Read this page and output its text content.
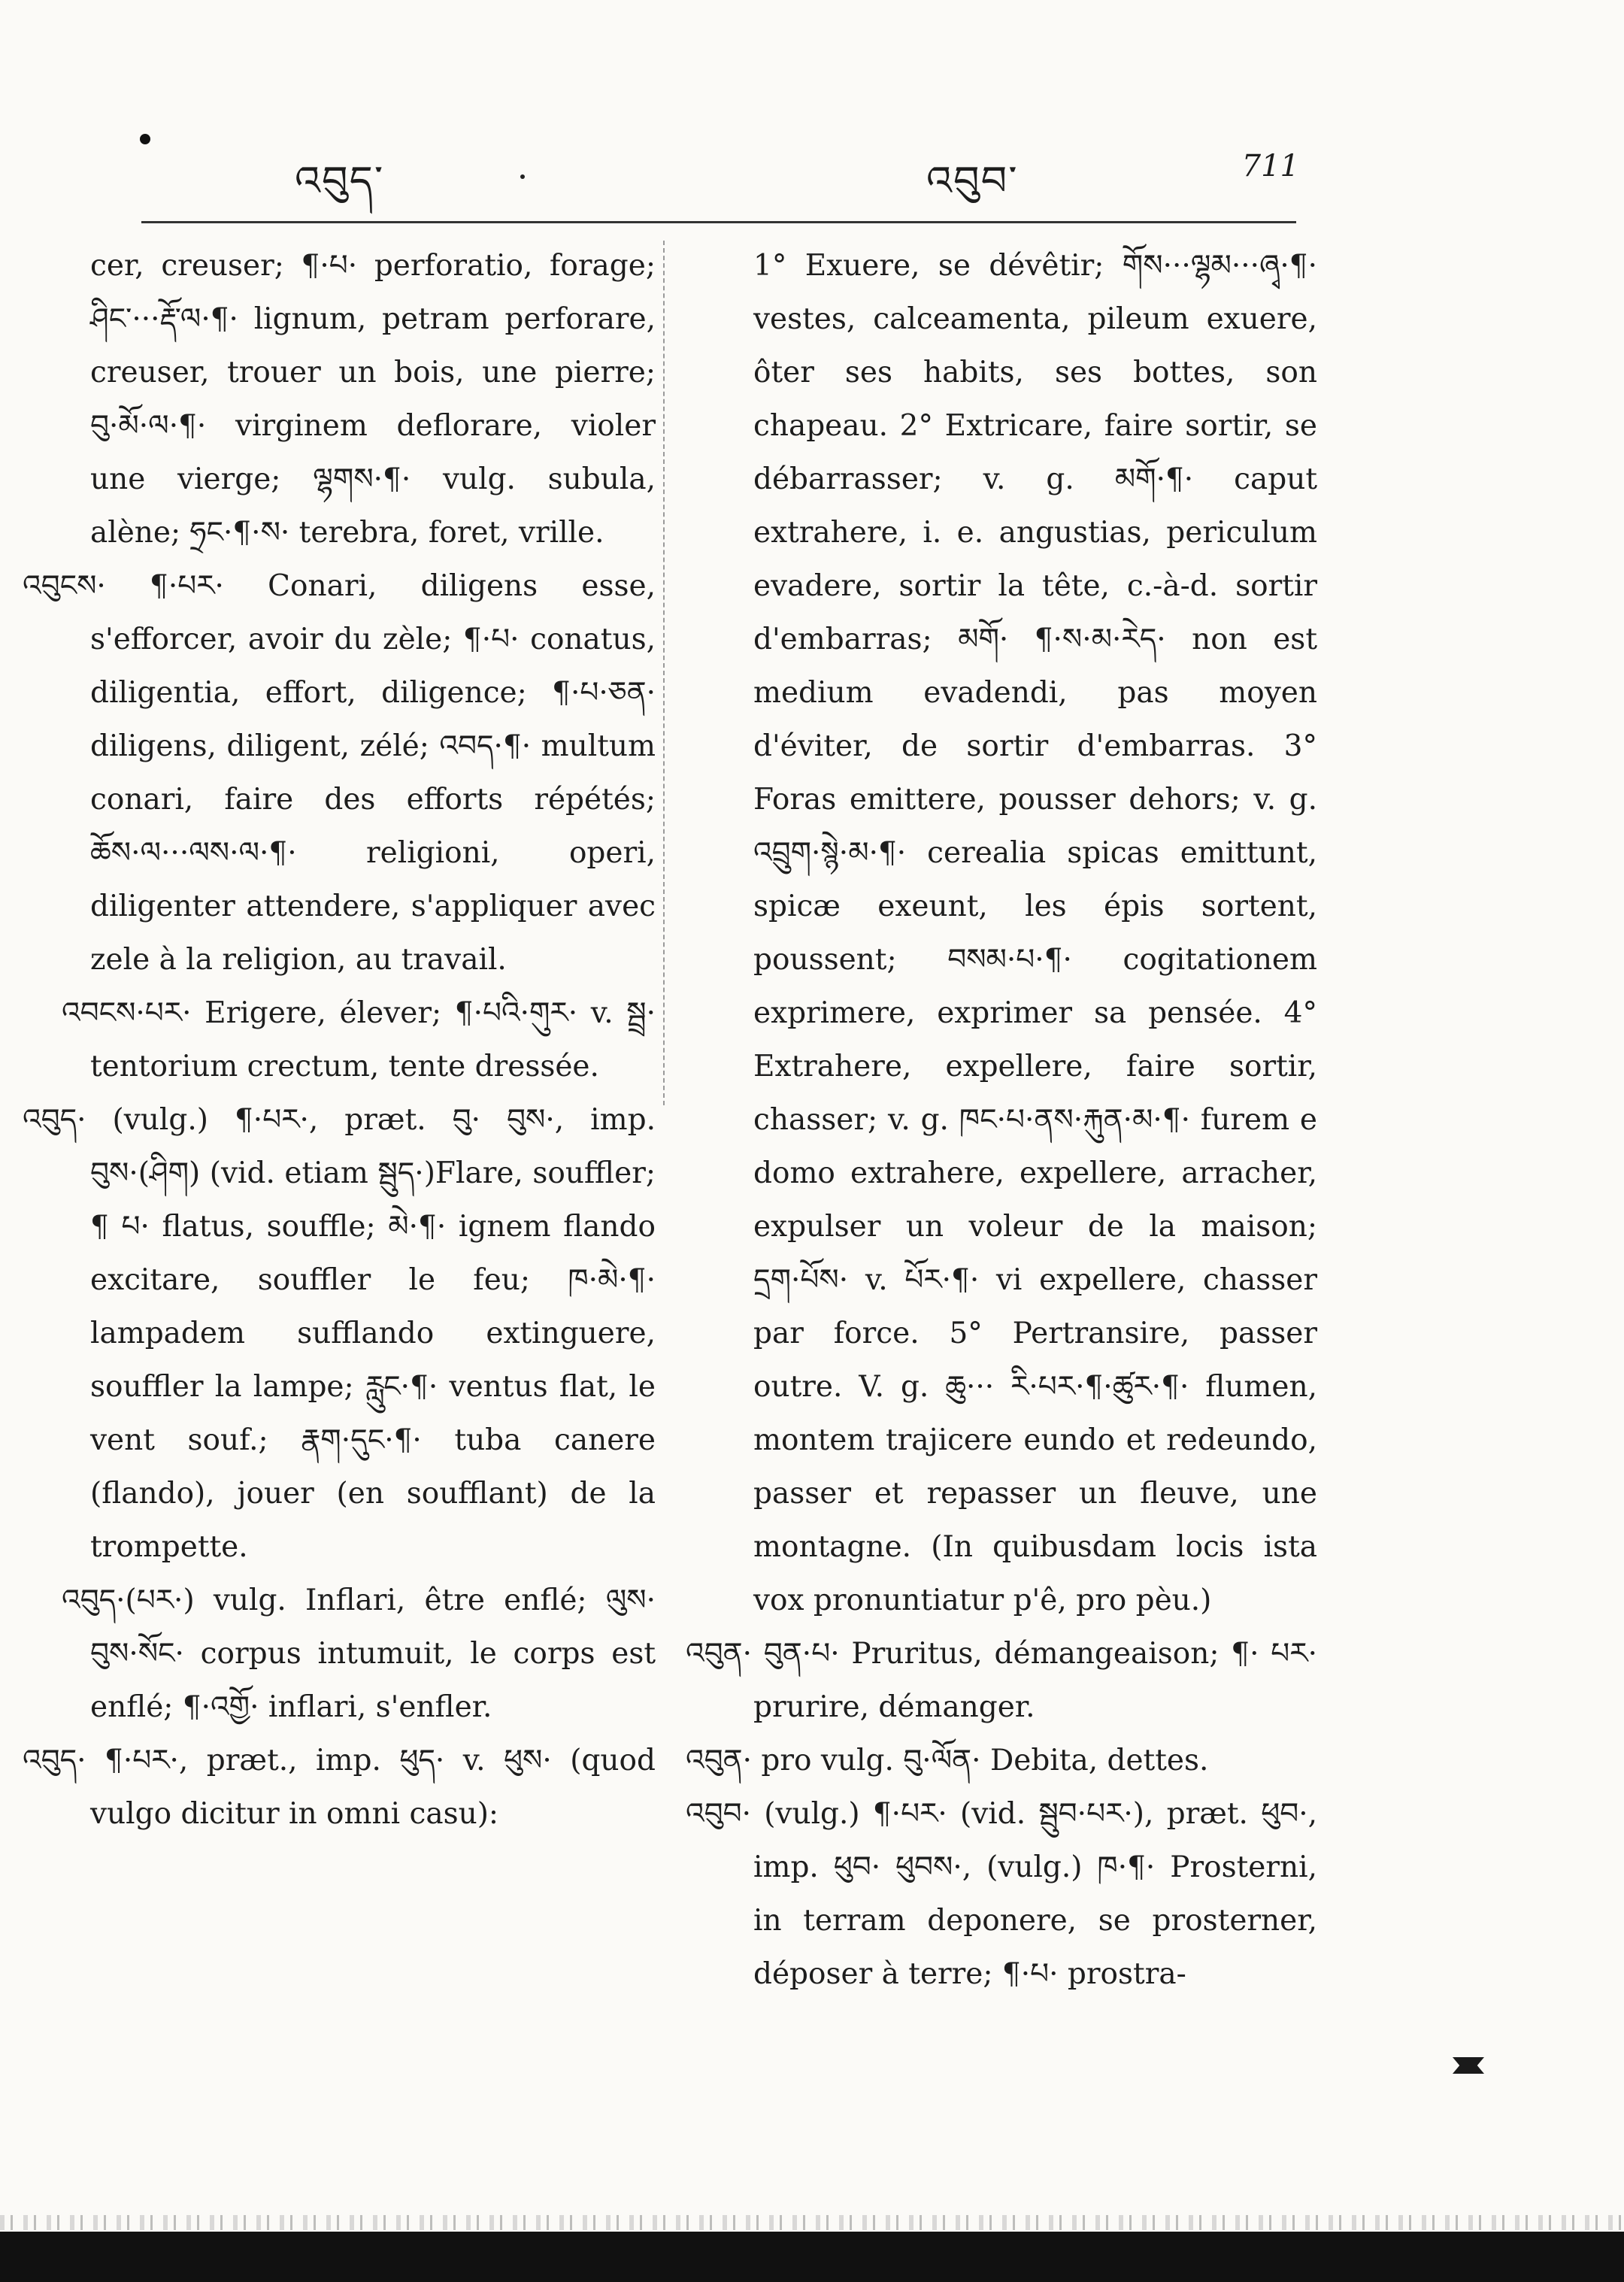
འབུད་	འབུབ་	711

cer, creuser; ¶·པ· perforatio, forage; ཤིང་···རྡོ་ལ·¶· lignum, petram perforare, creuser, trouer un bois, une pierre; བུ·མོ·ལ·¶· virginem deflorare, violer une vierge; ལྷགས·¶· vulg. subula, alène; ཧྲང·¶·ས· terebra, foret, vrille.

འབུངས· ¶·པར· Conari, diligens esse, s'efforcer, avoir du zèle; ¶·པ· conatus, diligentia, effort, diligence; ¶·པ·ཅན· diligens, diligent, zélé; འབད·¶· multum conari, faire des efforts répétés; ཆོས·ལ···ལས·ལ·¶· religioni, operi, diligenter attendere, s'appliquer avec zele à la religion, au travail.

འབངས·པར· Erigere, élever; ¶·པའི·གུར· v. སྦྲ· tentorium crectum, tente dressée.

འབུད· (vulg.) ¶·པར·, præt. བུ· བུས·, imp. བུས·(ཤིག) (vid. etiam སྦུད·)Flare, souffler; ¶ པ· flatus, souffle; མེ·¶· ignem flando excitare, souffler le feu; ཁ·མེ·¶· lampadem sufflando extinguere, souffler la lampe; རླུང·¶· ventus flat, le vent souf.; རྣག·དུང·¶· tuba canere (flando), jouer (en soufflant) de la trompette.

འབུད·(པར·) vulg. Inflari, être enflé; ལུས· བུས·སོང· corpus intumuit, le corps est enflé; ¶·འགྱོ· inflari, s'enfler.

འབུད· ¶·པར·, præt., imp. ཕུད· v. ཕུས· (quod vulgo dicitur in omni casu):

1° Exuere, se dévêtir; གོས···ལྷམ···ཞྭ·¶· vestes, calceamenta, pileum exuere, ôter ses habits, ses bottes, son chapeau. 2° Extricare, faire sortir, se débarrasser; v. g. མགོ·¶· caput extrahere, i. e. angustias, periculum evadere, sortir la tête, c.-à-d. sortir d'embarras; མགོ· ¶·ས·མ·རེད· non est medium evadendi, pas moyen d'éviter, de sortir d'embarras. 3° Foras emittere, pousser dehors; v. g. འབྲུག·སྙེ·མ·¶· cerealia spicas emittunt, spicæ exeunt, les épis sortent, poussent; བསམ·པ·¶· cogitationem exprimere, exprimer sa pensée. 4° Extrahere, expellere, faire sortir, chasser; v. g. ཁང·པ·ནས·རྐུན·མ·¶· furem e domo extrahere, expellere, arracher, expulser un voleur de la maison; དྲག·པོས· v. པོར·¶· vi expellere, chasser par force. 5° Pertransire, passer outre. V. g. ཆུ··· རི·པར·¶·ཚུར·¶· flumen, montem trajicere eundo et redeundo, passer et repasser un fleuve, une montagne. (In quibusdam locis ista vox pronuntiatur p'ê, pro pèu.)

འབུན· བུན·པ· Pruritus, démangeaison; ¶· པར· prurire, démanger.

འབུན· pro vulg. བུ·ལོན· Debita, dettes.

འབུབ· (vulg.) ¶·པར· (vid. སྦུབ·པར·), præt. ཕུབ·, imp. ཕུབ· ཕུབས·, (vulg.) ཁ·¶· Prosterni, in terram deponere, se prosterner, déposer à terre; ¶·པ· prostra-
